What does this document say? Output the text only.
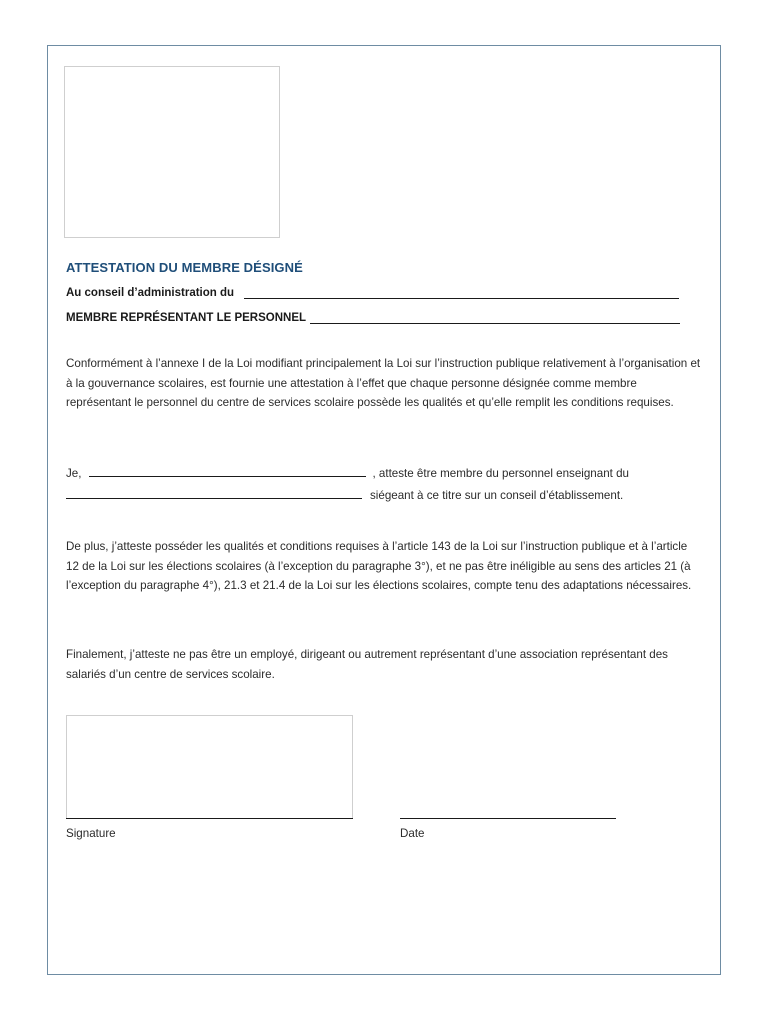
ATTESTATION DU MEMBRE DÉSIGNÉ
Au conseil d’administration du
MEMBRE REPRÉSENTANT LE PERSONNEL

Conformément à l’annexe I de la Loi modifiant principalement la Loi sur l’instruction publique relativement à l’organisation et à la gouvernance scolaires, est fournie une attestation à l’effet que chaque personne désignée comme membre représentant le personnel du centre de services scolaire possède les qualités et qu’elle remplit les conditions requises.

Je,	, atteste être membre du personnel enseignant du
siégeant à ce titre sur un conseil d’établissement.

De plus, j’atteste posséder les qualités et conditions requises à l’article 143 de la Loi sur l’instruction publique et à l’article 12 de la Loi sur les élections scolaires (à l’exception du paragraphe 3°), et ne pas être inéligible au sens des articles 21 (à l’exception du paragraphe 4°), 21.3 et 21.4 de la Loi sur les élections scolaires, compte tenu des adaptations nécessaires.

Finalement, j’atteste ne pas être un employé, dirigeant ou autrement représentant d’une association représentant des salariés d’un centre de services scolaire.

Signature	Date
